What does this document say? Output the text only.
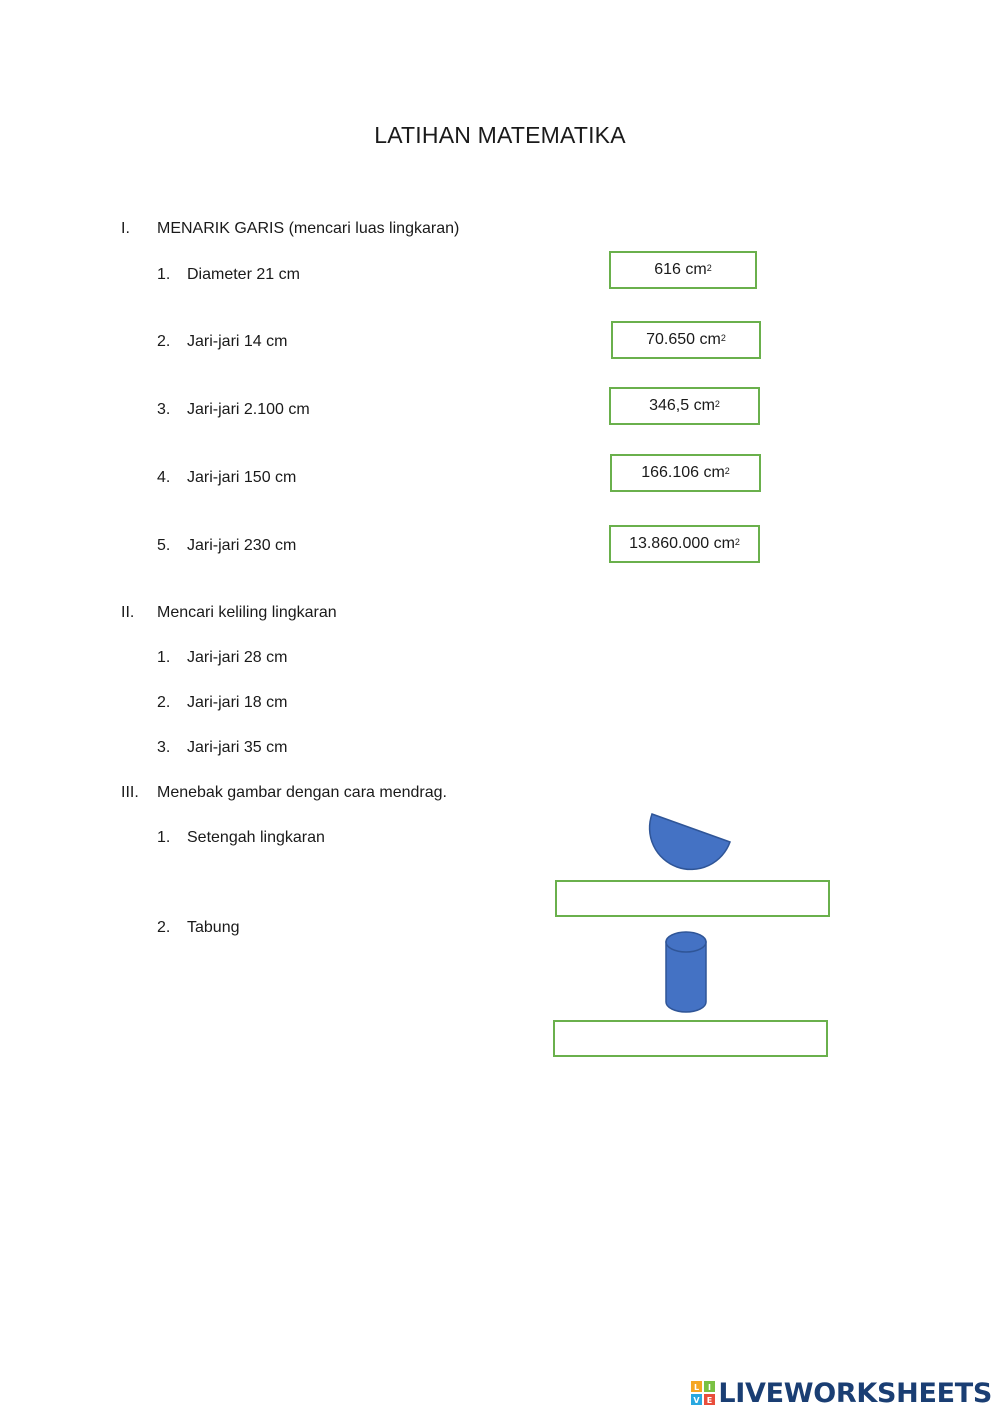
LATIHAN MATEMATIKA
I. MENARIK GARIS (mencari luas lingkaran)
1. Diameter 21 cm
2. Jari-jari 14 cm
3. Jari-jari 2.100 cm
4. Jari-jari 150 cm
5. Jari-jari 230 cm
616 $cm^2$
70.650 $cm^2$
346,5 $cm^2$
166.106 $cm^2$
13.860.000 $cm^2$
II. Mencari keliling lingkaran
1. Jari-jari 28 cm
2. Jari-jari 18 cm
3. Jari-jari 35 cm
III. Menebak gambar dengan cara mendrag.
1. Setengah lingkaran
2. Tabung
L I
V E LIVEWORKSHEETS
